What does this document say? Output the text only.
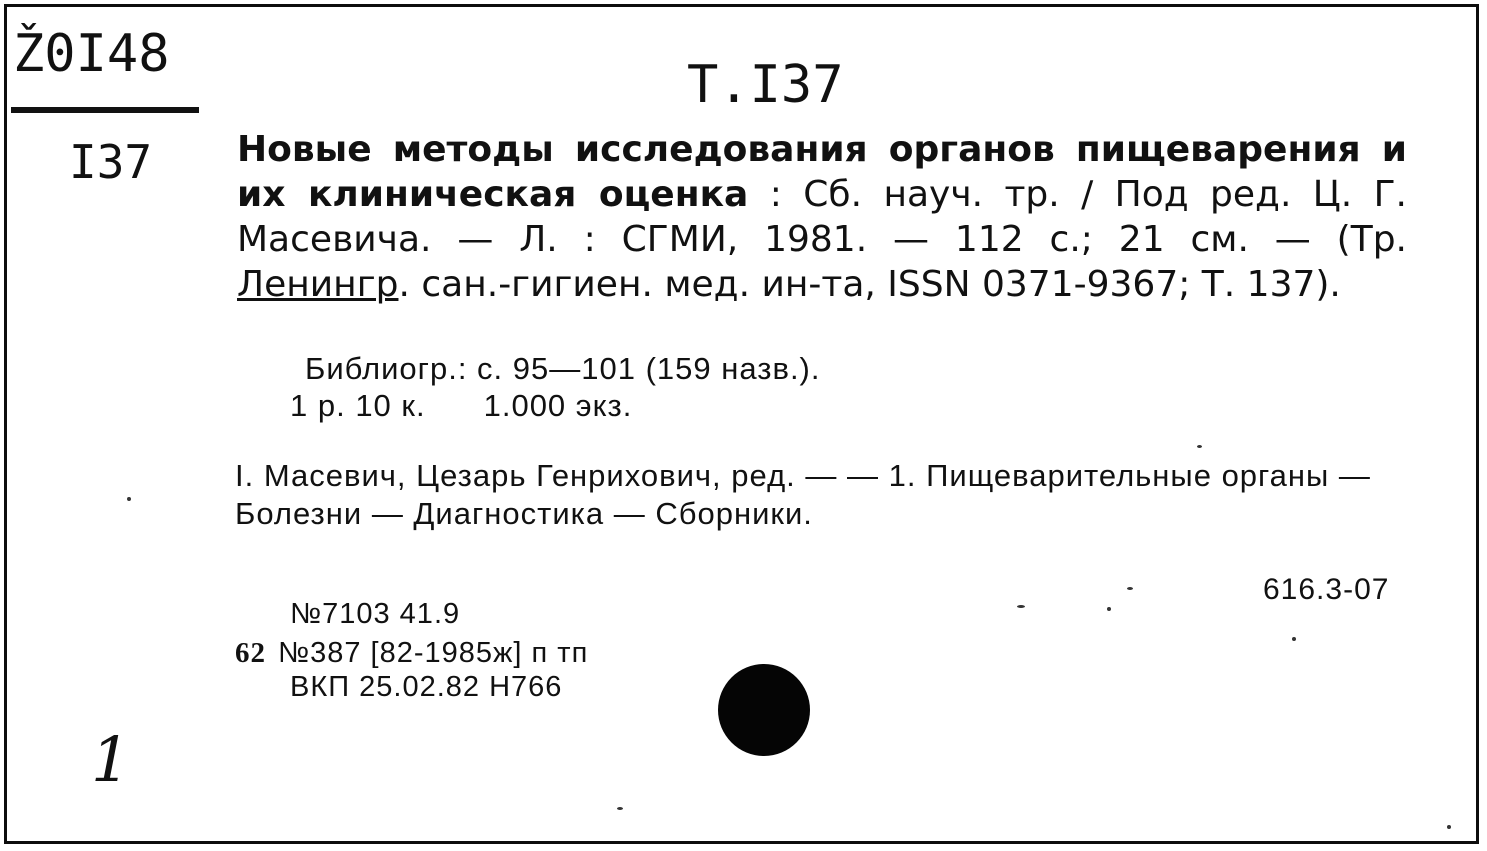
Ž0I48
I37
T.I37
Новые методы исследования органов пищеварения и их клиническая оценка : Сб. науч. тр. / Под ред. Ц. Г. Масевича. — Л. : СГМИ, 1981. — 112 с.; 21 см. — (Тр. Ленингр. сан.-гигиен. мед. ин-та, ISSN 0371-9367; Т. 137).
Библиогр.: с. 95—101 (159 назв.).
1 р. 10 к. 1.000 экз.
I. Масевич, Цезарь Генрихович, ред. — — 1. Пищеварительные органы — Болезни — Диагностика — Сборники.
616.3-07
№7103 41.9
62 №387 [82-1985ж] п тп
ВКП 25.02.82 Н766
1
